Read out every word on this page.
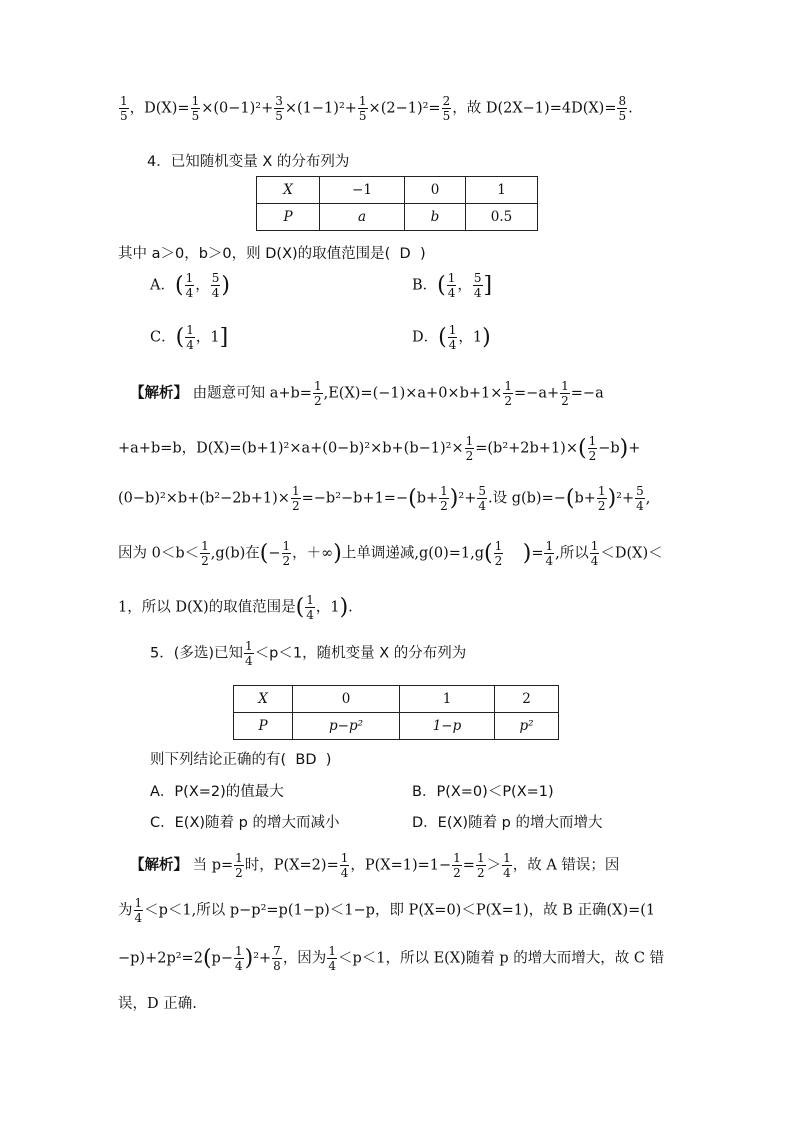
$\frac{1}{5}$ ，$D(X)= \frac{1}{5} \times(0-1)^2+ \frac{3}{5} \times(1-1)^2+ \frac{1}{5} \times(2-1)^2= \frac{2}{5}$ ，故 $D(2X-1)=4D(X)= \frac{8}{5}$ .
4．已知随机变量 X 的分布列为
X	−1	0	1
P	a	b	0.5
其中 a＞0，b＞0，则 D(X)的取值范围是( D )
A．( $\frac{1}{4}$ ， $\frac{5}{4}$ )	B．( $\frac{1}{4}$ ， $\frac{5}{4}$ ]
C．( $\frac{1}{4}$ ，1]	D．( $\frac{1}{4}$ ，1)
【解析】 由题意可知 $a+b= \frac{1}{2} ,E(X)=(-1)\times a+0\times b+1\times \frac{1}{2} =-a+ \frac{1}{2} =-a$
+a+b=b，$D(X)=(b+1)^2\times a+(0-b)^2\times b+(b-1)^2\times \frac{1}{2} =(b^2+2b+1)\times( \frac{1}{2} -b)+$
$(0-b)^2\times b+(b^2-2b+1)\times \frac{1}{2} =-b^2-b+1=-(b+ \frac{1}{2} )^2+ \frac{5}{4}$ .设 $g(b)=-(b+ \frac{1}{2} )^2+ \frac{5}{4}$ ,
因为 $0<b< \frac{1}{2} ,g(b)$在(− $\frac{1}{2}$ ，＋∞)上单调递减$,g(0)=1,g( \frac{1}{2}$ )= $\frac{1}{4}$ ,所以 $\frac{1}{4} <D(X)<$
1，所以 D(X)的取值范围是( $\frac{1}{4}$ ，1).
5．(多选)已知 $\frac{1}{4} <p<1$，随机变量 X 的分布列为
X	0	1	2
P	p−p²	1−p	p²
则下列结论正确的有( BD )
A．P(X=2)的值最大	B．P(X=0)＜P(X=1)
C．E(X)随着 p 的增大而减小	D．E(X)随着 p 的增大而增大
【解析】 当 $p= \frac{1}{2}$ 时，$P(X=2)= \frac{1}{4}$ ，$P(X=1)=1- \frac{1}{2} = \frac{1}{2} > \frac{1}{4}$ ，故 A 错误；因
为 $\frac{1}{4} <p<1$,所以 p−p²=p(1−p)＜1−p，即 P(X=0)＜P(X=1)，故 B 正确(X)=(1
$-p)+2p^2=2(p- \frac{1}{4} )^2+ \frac{7}{8}$ ，因为 $\frac{1}{4} <p<1$，所以 E(X)随着 p 的增大而增大，故 C 错
误，D 正确.
